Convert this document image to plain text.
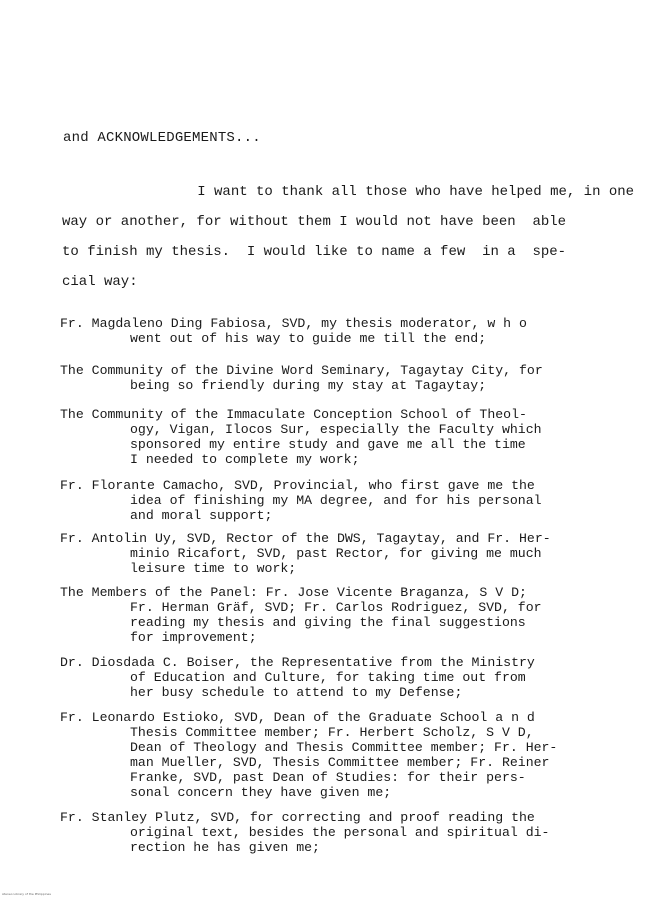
and ACKNOWLEDGEMENTS...
I want to thank all those who have helped me, in one
way or another, for without them I would not have been  able
to finish my thesis.  I would like to name a few  in a  spe-
cial way:
Fr. Magdaleno Ding Fabiosa, SVD, my thesis moderator, w h o
went out of his way to guide me till the end;
The Community of the Divine Word Seminary, Tagaytay City, for
being so friendly during my stay at Tagaytay;
The Community of the Immaculate Conception School of Theol-
ogy, Vigan, Ilocos Sur, especially the Faculty which
sponsored my entire study and gave me all the time
I needed to complete my work;
Fr. Florante Camacho, SVD, Provincial, who first gave me the
idea of finishing my MA degree, and for his personal
and moral support;
Fr. Antolin Uy, SVD, Rector of the DWS, Tagaytay, and Fr. Her-
minio Ricafort, SVD, past Rector, for giving me much
leisure time to work;
The Members of the Panel: Fr. Jose Vicente Braganza, S V D;
Fr. Herman Gräf, SVD; Fr. Carlos Rodriguez, SVD, for
reading my thesis and giving the final suggestions
for improvement;
Dr. Diosdada C. Boiser, the Representative from the Ministry
of Education and Culture, for taking time out from
her busy schedule to attend to my Defense;
Fr. Leonardo Estioko, SVD, Dean of the Graduate School a n d
Thesis Committee member; Fr. Herbert Scholz, S V D,
Dean of Theology and Thesis Committee member; Fr. Her-
man Mueller, SVD, Thesis Committee member; Fr. Reiner
Franke, SVD, past Dean of Studies: for their pers-
sonal concern they have given me;
Fr. Stanley Plutz, SVD, for correcting and proof reading the
original text, besides the personal and spiritual di-
rection he has given me;
Ateneo Library of the Philippines
